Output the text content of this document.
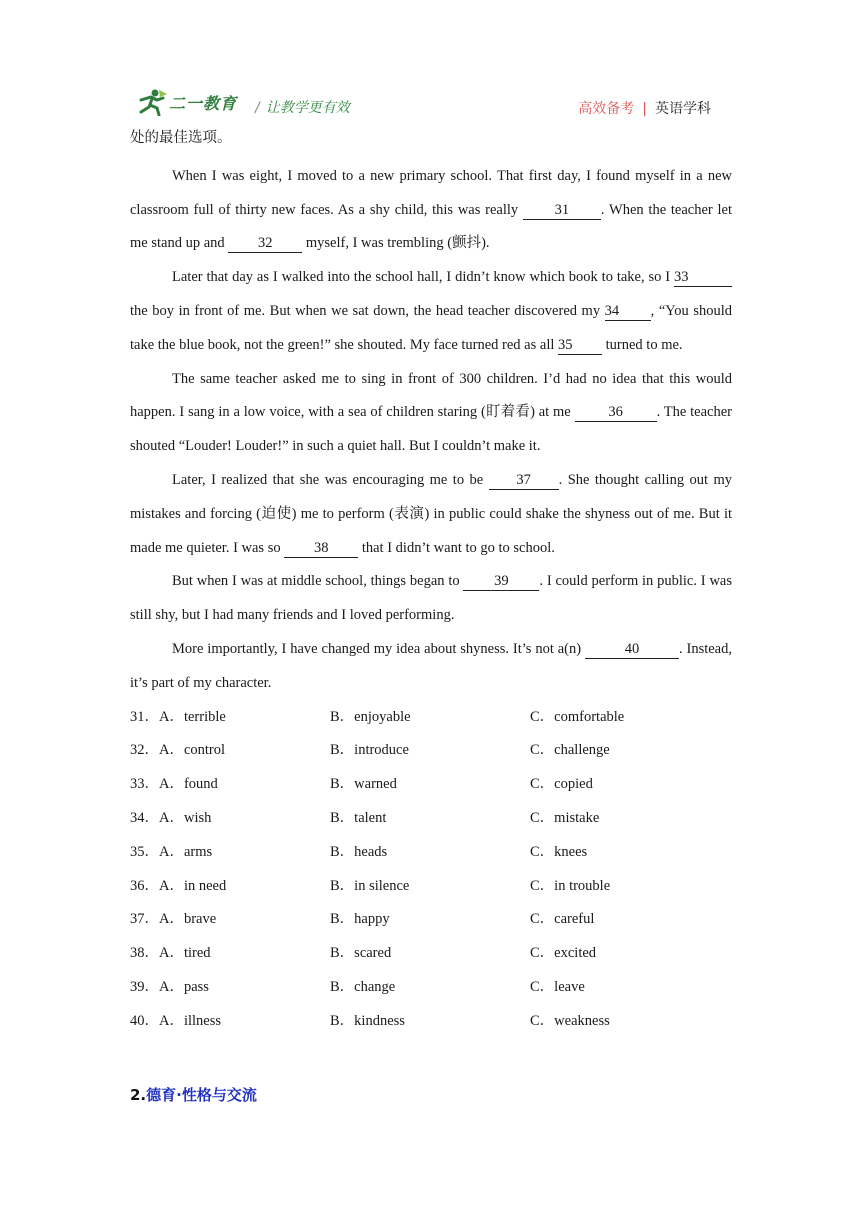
二一教育 / 让教学更有效	高效备考 | 英语学科
处的最佳选项。

When I was eight, I moved to a new primary school. That first day, I found myself in a new classroom full of thirty new faces. As a shy child, this was really	31 . When the teacher let me stand up and 32 myself, I was trembling (颤抖).

Later that day as I walked into the school hall, I didn’t know which book to take, so I 33 the boy in front of me. But when we sat down, the head teacher discovered my 34 , “You should take the blue book, not the green!” she shouted. My face turned red as all 35 turned to me.

The same teacher asked me to sing in front of 300 children. I’d had no idea that this would happen. I sang in a low voice, with a sea of children staring (盯着看) at me	36 . The teacher shouted “Louder! Louder!” in such a quiet hall. But I couldn’t make it.

Later, I realized that she was encouraging me to be 37 . She thought calling out my mistakes and forcing (迫使) me to perform (表演) in public could shake the shyness out of me. But it made me quieter. I was so 38 that I didn’t want to go to school.

But when I was at middle school, things began to 39 . I could perform in public. I was still shy, but I had many friends and I loved performing.

More importantly, I have changed my idea about shyness. It’s not a(n)	40	. Instead, it’s part of my character.

31．A．terrible	B．enjoyable	C．comfortable
32．A．control	B．introduce	C．challenge
33．A．found	B．warned	C．copied
34．A．wish	B．talent	C．mistake
35．A．arms	B．heads	C．knees
36．A．in need	B．in silence	C．in trouble
37．A．brave	B．happy	C．careful
38．A．tired	B．scared	C．excited
39．A．pass	B．change	C．leave
40．A．illness	B．kindness	C．weakness
2.德育·性格与交流
